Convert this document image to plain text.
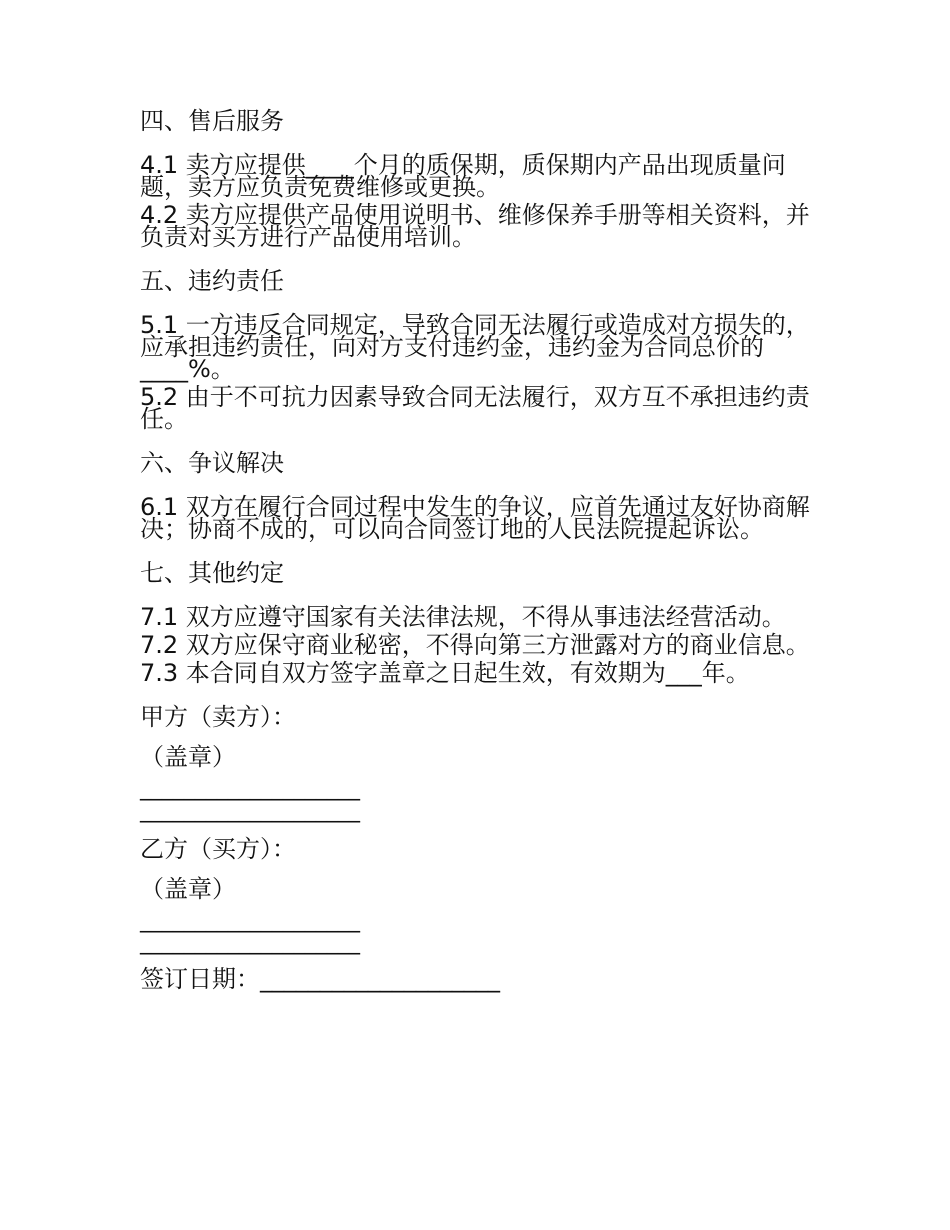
四、售后服务

4.1 卖方应提供____个月的质保期，质保期内产品出现质量问题，卖方应负责免费维修或更换。

4.2 卖方应提供产品使用说明书、维修保养手册等相关资料，并负责对买方进行产品使用培训。

五、违约责任

5.1 一方违反合同规定，导致合同无法履行或造成对方损失的，应承担违约责任，向对方支付违约金，违约金为合同总价的____%。

5.2 由于不可抗力因素导致合同无法履行，双方互不承担违约责任。

六、争议解决

6.1 双方在履行合同过程中发生的争议，应首先通过友好协商解决；协商不成的，可以向合同签订地的人民法院提起诉讼。

七、其他约定

7.1 双方应遵守国家有关法律法规，不得从事违法经营活动。

7.2 双方应保守商业秘密，不得向第三方泄露对方的商业信息。

7.3 本合同自双方签字盖章之日起生效，有效期为___年。

甲方（卖方）：

（盖章）

____________________

____________________

乙方（买方）：

（盖章）

____________________

____________________

签订日期：____________________
